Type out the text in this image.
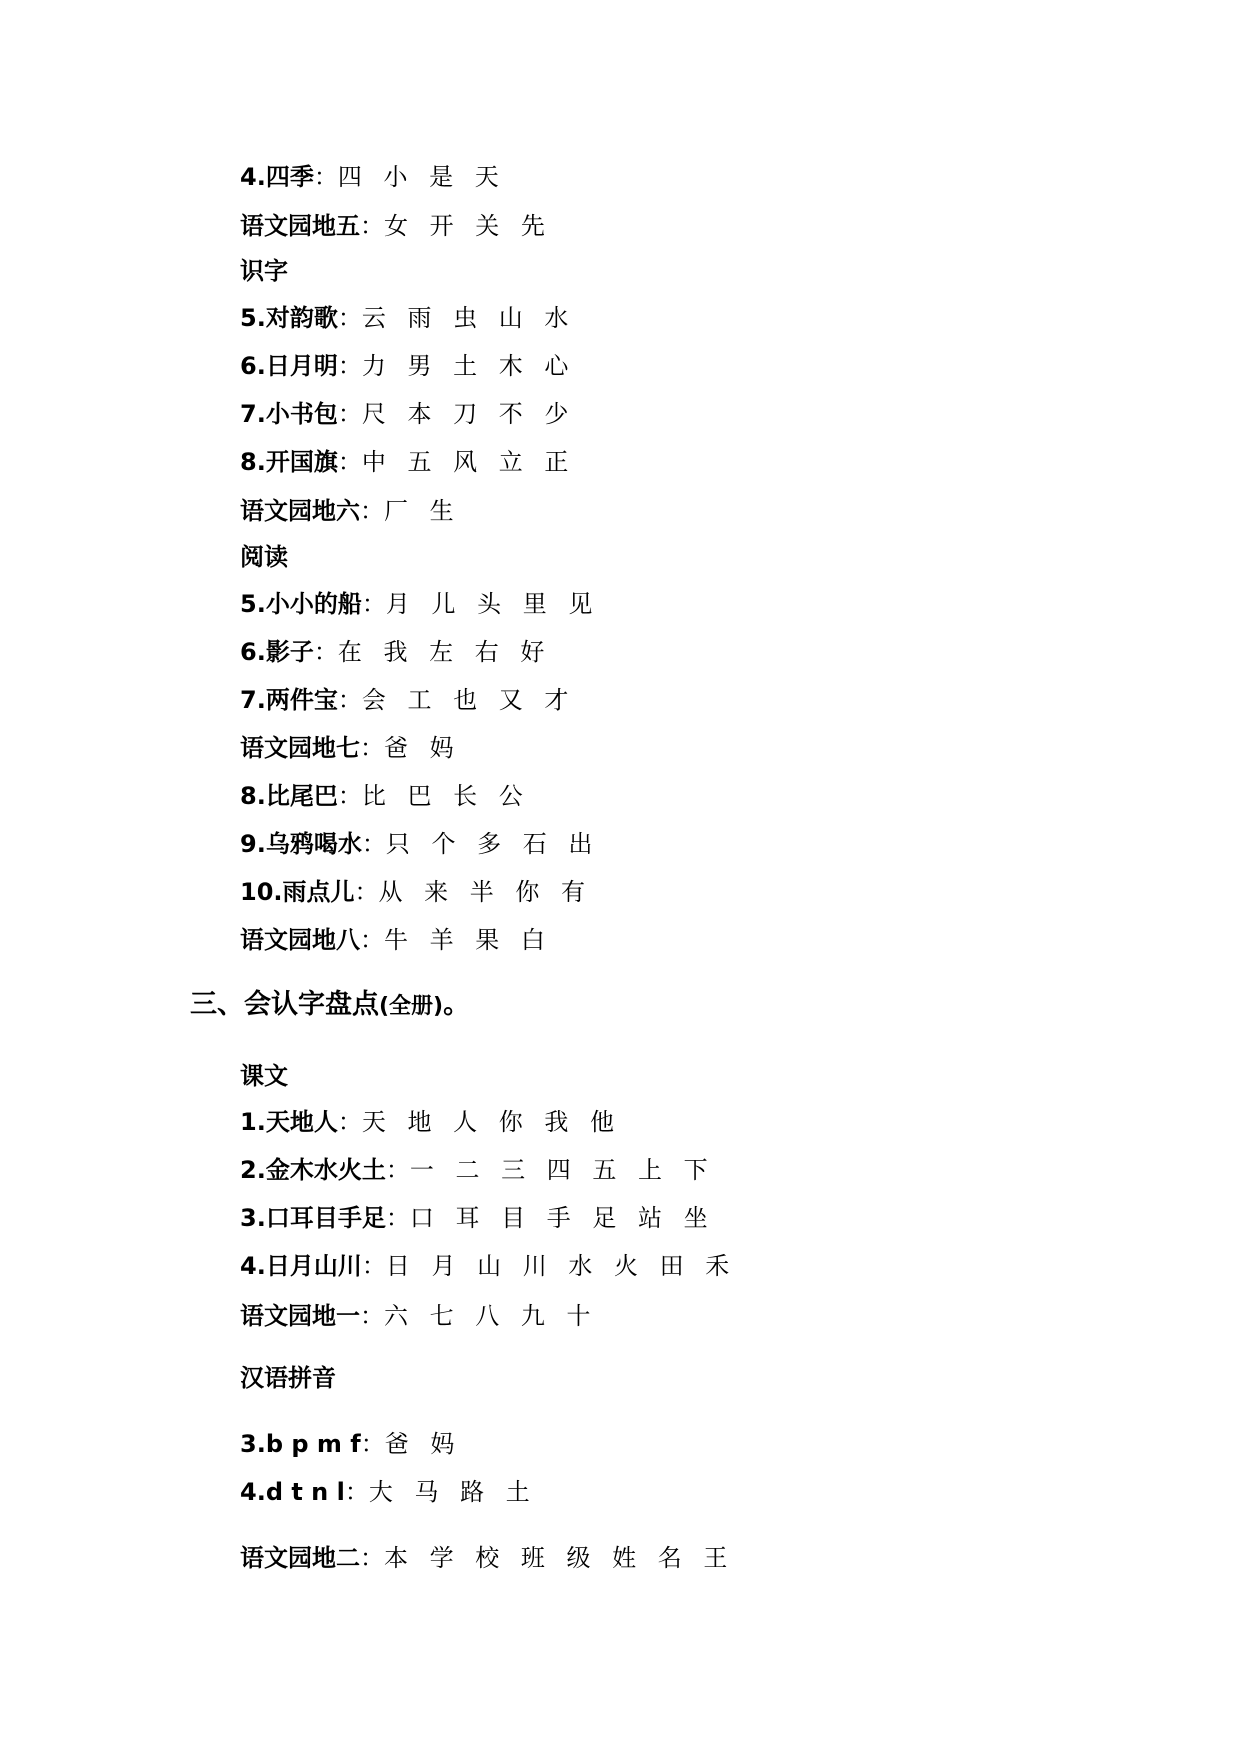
4.四季：四 小 是 天
语文园地五：女 开 关 先
识字
5.对韵歌：云 雨 虫 山 水
6.日月明：力 男 土 木 心
7.小书包：尺 本 刀 不 少
8.开国旗：中 五 风 立 正
语文园地六：厂 生
阅读
5.小小的船：月 儿 头 里 见
6.影子：在 我 左 右 好
7.两件宝：会 工 也 又 才
语文园地七：爸 妈
8.比尾巴：比 巴 长 公
9.乌鸦喝水：只 个 多 石 出
10.雨点儿：从 来 半 你 有
语文园地八：牛 羊 果 白
三、会认字盘点(全册)。
课文
1.天地人：天 地 人 你 我 他
2.金木水火土：一 二 三 四 五 上 下
3.口耳目手足：口 耳 目 手 足 站 坐
4.日月山川：日 月 山 川 水 火 田 禾
语文园地一：六 七 八 九 十
汉语拼音
3.b p m f：爸 妈
4.d t n l：大 马 路 土
语文园地二：本 学 校 班 级 姓 名 王
